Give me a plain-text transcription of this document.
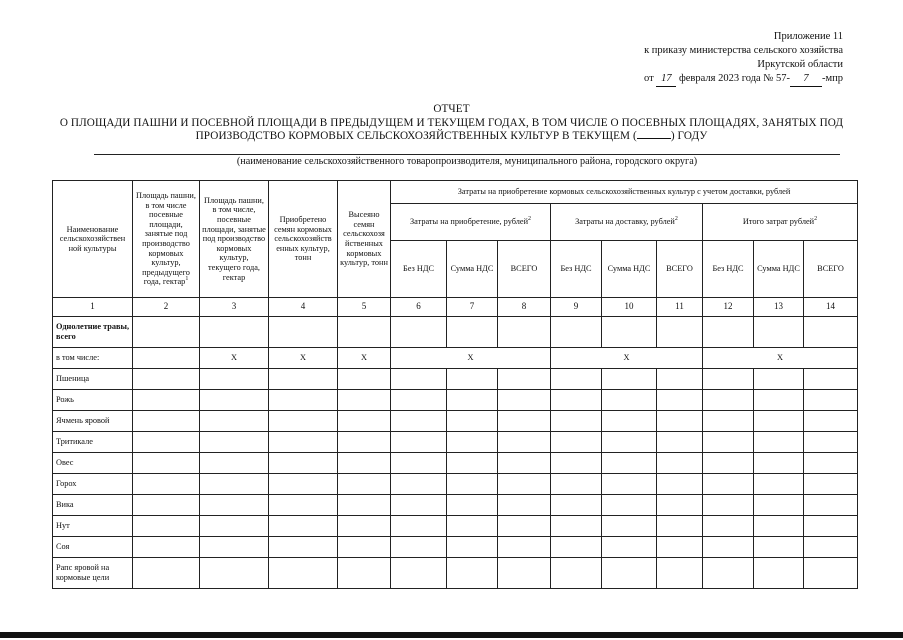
Приложение 11
к приказу министерства сельского хозяйства
Иркутской области
от 17 февраля 2023 года № 57- 7 -мпр
ОТЧЕТ
О ПЛОЩАДИ ПАШНИ И ПОСЕВНОЙ ПЛОЩАДИ В ПРЕДЫДУЩЕМ И ТЕКУЩЕМ ГОДАХ, В ТОМ ЧИСЛЕ О ПОСЕВНЫХ ПЛОЩАДЯХ, ЗАНЯТЫХ ПОД
ПРОИЗВОДСТВО КОРМОВЫХ СЕЛЬСКОХОЗЯЙСТВЕННЫХ КУЛЬТУР В ТЕКУЩЕМ (	) ГОДУ
(наименование сельскохозяйственного товаропроизводителя, муниципального района, городского округа)
Наименование сельскохозяйствен ной культуры	Площадь пашни, в том числе посевные площади, занятые под производство кормовых культур, предыдущего года, гектар$^1$	Площадь пашни, в том числе, посевные площади, занятые под производство кормовых культур, текущего года, гектар	Приобретено семян кормовых сельскохозяйств енных культур, тонн	Высеяно семян сельскохозя йственных кормовых культур, тонн	Затраты на приобретение кормовых сельскохозяйственных культур с учетом доставки, рублей								
					Затраты на приобретение, рублей$^2$			Затраты на доставку, рублей$^2$			Итого затрат рублей$^2$
					Без НДС	Сумма НДС	ВСЕГО	Без НДС	Сумма НДС	ВСЕГО	Без НДС	Сумма НДС	ВСЕГО
1	2	3	4	5	6	7	8	9	10	11	12	13	14
Однолетние травы, всего													
в том числе:		X	X	X	X			X			X		
Пшеница													
Рожь													
Ячмень яровой													
Тритикале													
Овес													
Горох													
Вика													
Нут													
Соя													
Рапс яровой на кормовые цели													
